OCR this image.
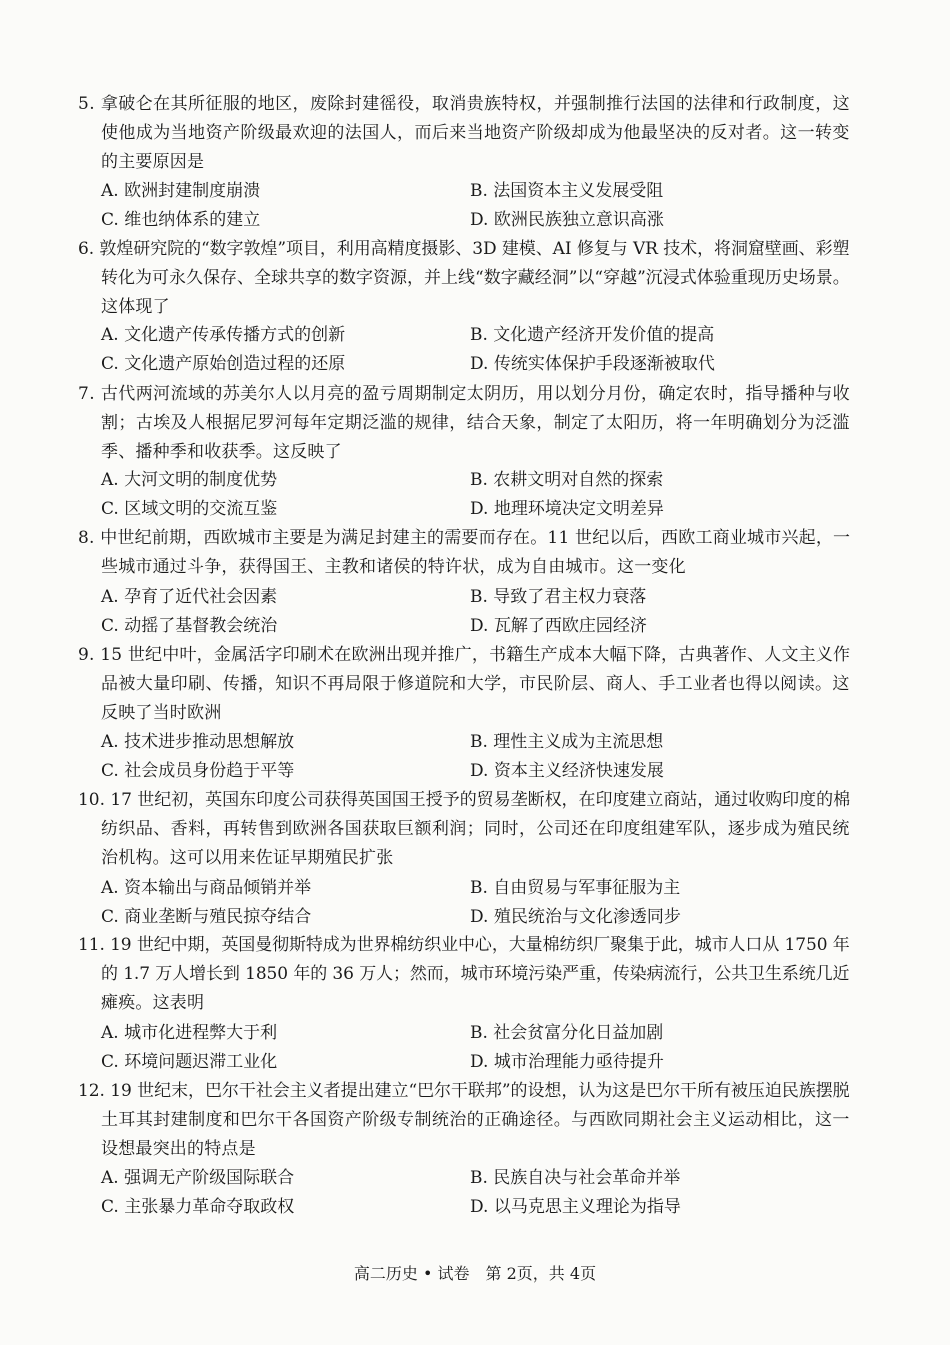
5. 拿破仑在其所征服的地区，废除封建徭役，取消贵族特权，并强制推行法国的法律和行政制度，这
使他成为当地资产阶级最欢迎的法国人，而后来当地资产阶级却成为他最坚决的反对者。这一转变
的主要原因是
A. 欧洲封建制度崩溃	B. 法国资本主义发展受阻
C. 维也纳体系的建立	D. 欧洲民族独立意识高涨
6. 敦煌研究院的“数字敦煌”项目，利用高精度摄影、3D 建模、AI 修复与 VR 技术，将洞窟壁画、彩塑
转化为可永久保存、全球共享的数字资源，并上线“数字藏经洞”以“穿越”沉浸式体验重现历史场景。
这体现了
A. 文化遗产传承传播方式的创新	B. 文化遗产经济开发价值的提高
C. 文化遗产原始创造过程的还原	D. 传统实体保护手段逐渐被取代
7. 古代两河流域的苏美尔人以月亮的盈亏周期制定太阴历，用以划分月份，确定农时，指导播种与收
割；古埃及人根据尼罗河每年定期泛滥的规律，结合天象，制定了太阳历，将一年明确划分为泛滥
季、播种季和收获季。这反映了
A. 大河文明的制度优势	B. 农耕文明对自然的探索
C. 区域文明的交流互鉴	D. 地理环境决定文明差异
8. 中世纪前期，西欧城市主要是为满足封建主的需要而存在。11 世纪以后，西欧工商业城市兴起，一
些城市通过斗争，获得国王、主教和诸侯的特许状，成为自由城市。这一变化
A. 孕育了近代社会因素	B. 导致了君主权力衰落
C. 动摇了基督教会统治	D. 瓦解了西欧庄园经济
9. 15 世纪中叶，金属活字印刷术在欧洲出现并推广，书籍生产成本大幅下降，古典著作、人文主义作
品被大量印刷、传播，知识不再局限于修道院和大学，市民阶层、商人、手工业者也得以阅读。这
反映了当时欧洲
A. 技术进步推动思想解放	B. 理性主义成为主流思想
C. 社会成员身份趋于平等	D. 资本主义经济快速发展
10. 17 世纪初，英国东印度公司获得英国国王授予的贸易垄断权，在印度建立商站，通过收购印度的棉
纺织品、香料，再转售到欧洲各国获取巨额利润；同时，公司还在印度组建军队，逐步成为殖民统
治机构。这可以用来佐证早期殖民扩张
A. 资本输出与商品倾销并举	B. 自由贸易与军事征服为主
C. 商业垄断与殖民掠夺结合	D. 殖民统治与文化渗透同步
11. 19 世纪中期，英国曼彻斯特成为世界棉纺织业中心，大量棉纺织厂聚集于此，城市人口从 1750 年
的 1.7 万人增长到 1850 年的 36 万人；然而，城市环境污染严重，传染病流行，公共卫生系统几近
瘫痪。这表明
A. 城市化进程弊大于利	B. 社会贫富分化日益加剧
C. 环境问题迟滞工业化	D. 城市治理能力亟待提升
12. 19 世纪末，巴尔干社会主义者提出建立“巴尔干联邦”的设想，认为这是巴尔干所有被压迫民族摆脱
土耳其封建制度和巴尔干各国资产阶级专制统治的正确途径。与西欧同期社会主义运动相比，这一
设想最突出的特点是
A. 强调无产阶级国际联合	B. 民族自决与社会革命并举
C. 主张暴力革命夺取政权	D. 以马克思主义理论为指导
高二历史 • 试卷　第 2页，共 4页
